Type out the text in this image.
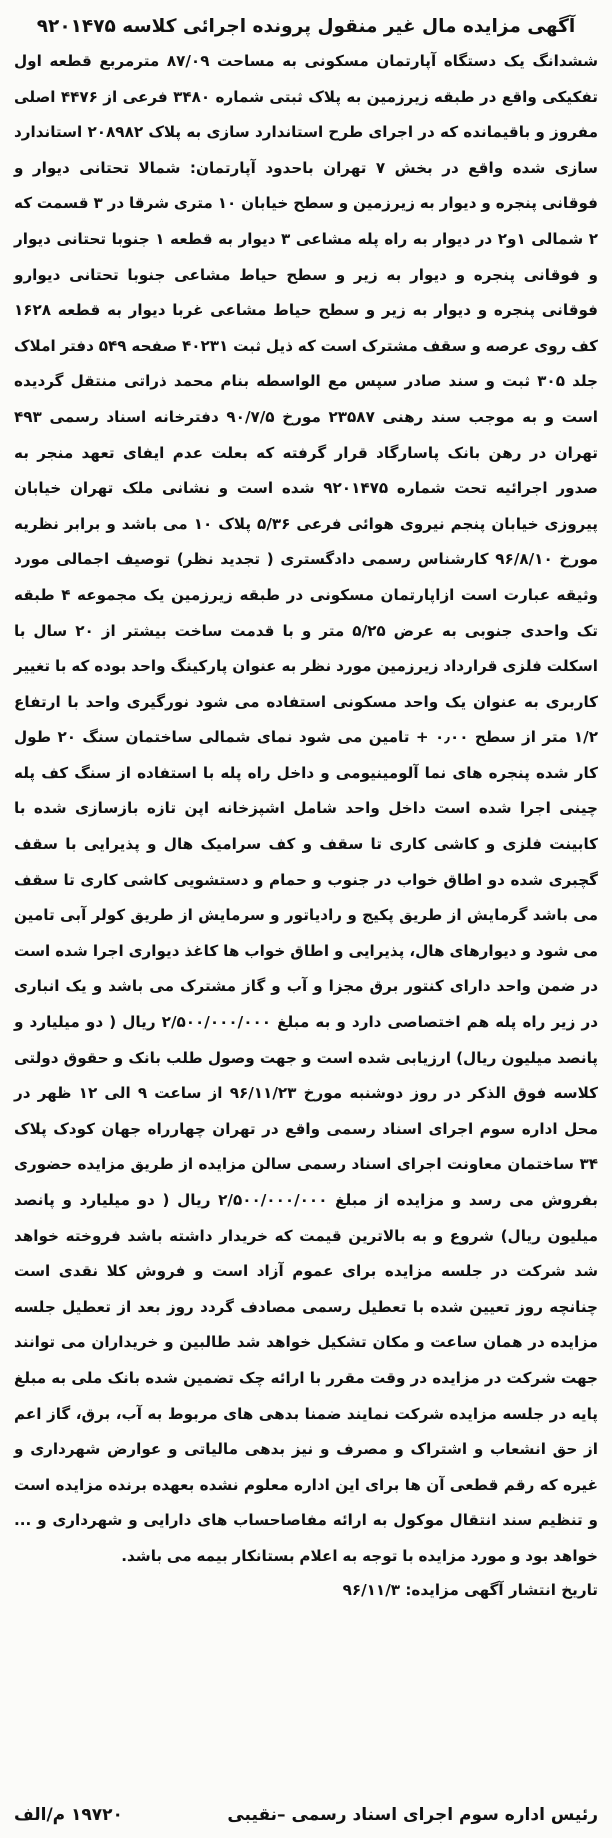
آگهی مزایده مال غیر منقول پرونده اجرائی کلاسه ۹۲۰۱۴۷۵

ششدانگ یک دستگاه آپارتمان مسکونی به مساحت ۸۷/۰۹ مترمربع قطعه اول تفکیکی واقع در طبقه زیرزمین به پلاک ثبتی شماره ۳۴۸۰ فرعی از ۴۴۷۶ اصلی مفروز و باقیمانده که در اجرای طرح استاندارد سازی به پلاک ۲۰۸۹۸۲ استاندارد سازی شده واقع در بخش ۷ تهران باحدود آپارتمان: شمالا تحتانی دیوار و فوقانی پنجره و دیوار به زیرزمین و سطح خیابان ۱۰ متری شرقا در ۳ قسمت که ۲ شمالی ۱و۲ در دیوار به راه پله مشاعی ۳ دیوار به قطعه ۱ جنوبا تحتانی دیوار و فوقانی پنجره و دیوار به زیر و سطح حیاط مشاعی جنوبا تحتانی دیوارو فوقانی پنجره و دیوار به زیر و سطح حیاط مشاعی غربا دیوار به قطعه ۱۶۲۸ کف روی عرصه و سقف مشترک است که ذیل ثبت ۴۰۲۳۱ صفحه ۵۴۹ دفتر املاک جلد ۳۰۵ ثبت و سند صادر سپس مع الواسطه بنام محمد ذراتی منتقل گردیده است و به موجب سند رهنی ۲۳۵۸۷ مورخ ۹۰/۷/۵ دفترخانه اسناد رسمی ۴۹۳ تهران در رهن بانک پاسارگاد قرار گرفته که بعلت عدم ایفای تعهد منجر به صدور اجرائیه تحت شماره ۹۲۰۱۴۷۵ شده است و نشانی ملک تهران خیابان پیروزی خیابان پنجم نیروی هوائی فرعی ۵/۳۶ پلاک ۱۰ می باشد و برابر نظریه مورخ ۹۶/۸/۱۰ کارشناس رسمی دادگستری ( تجدید نظر) توصیف اجمالی مورد وثیقه عبارت است ازاپارتمان مسکونی در طبقه زیرزمین یک مجموعه ۴ طبقه تک واحدی جنوبی به عرض ۵/۲۵ متر و با قدمت ساخت بیشتر از ۲۰ سال با اسکلت فلزی قرارداد زیرزمین مورد نظر به عنوان پارکینگ واحد بوده که با تغییر کاربری به عنوان یک واحد مسکونی استفاده می شود نورگیری واحد با ارتفاع ۱/۲ متر از سطح ۰٫۰۰ + تامین می شود نمای شمالی ساختمان سنگ ۲۰ طول کار شده پنجره های نما آلومینیومی و داخل راه پله با استفاده از سنگ کف پله چینی اجرا شده است داخل واحد شامل اشپزخانه اپن تازه بازسازی شده با کابینت فلزی و کاشی کاری تا سقف و کف سرامیک هال و پذیرایی با سقف گچبری شده دو اطاق خواب در جنوب و حمام و دستشویی کاشی کاری تا سقف می باشد گرمایش از طریق پکیج و رادیاتور و سرمایش از طریق کولر آبی تامین می شود و دیوارهای هال، پذیرایی و اطاق خواب ها کاغذ دیواری اجرا شده است در ضمن واحد دارای کنتور برق مجزا و آب و گاز مشترک می باشد و یک انباری در زیر راه پله هم اختصاصی دارد و به مبلغ ۲/۵۰۰/۰۰۰/۰۰۰ ریال ( دو میلیارد و پانصد میلیون ریال) ارزیابی شده است و جهت وصول طلب بانک و حقوق دولتی کلاسه فوق الذکر در روز دوشنبه مورخ ۹۶/۱۱/۲۳ از ساعت ۹ الی ۱۲ ظهر در محل اداره سوم اجرای اسناد رسمی واقع در تهران چهارراه جهان کودک پلاک ۳۴ ساختمان معاونت اجرای اسناد رسمی سالن مزایده از طریق مزایده حضوری بفروش می رسد و مزایده از مبلغ ۲/۵۰۰/۰۰۰/۰۰۰ ریال ( دو میلیارد و پانصد میلیون ریال) شروع و به بالاترین قیمت که خریدار داشته باشد فروخته خواهد شد شرکت در جلسه مزایده برای عموم آزاد است و فروش کلا نقدی است چنانچه روز تعیین شده با تعطیل رسمی مصادف گردد روز بعد از تعطیل جلسه مزایده در همان ساعت و مکان تشکیل خواهد شد طالبین و خریداران می توانند جهت شرکت در مزایده در وقت مقرر با ارائه چک تضمین شده بانک ملی به مبلغ پایه در جلسه مزایده شرکت نمایند ضمنا بدهی های مربوط به آب، برق، گاز اعم از حق انشعاب و اشتراک و مصرف و نیز بدهی مالیاتی و عوارض شهرداری و غیره که رقم قطعی آن ها برای این اداره معلوم نشده بعهده برنده مزایده است و تنظیم سند انتقال موکول به ارائه مفاصاحساب های دارایی و شهرداری و ... خواهد بود و مورد مزایده با توجه به اعلام بستانکار بیمه می باشد.

تاریخ انتشار آگهی مزایده: ۹۶/۱۱/۳

رئیس اداره سوم اجرای اسناد رسمی –نقیبی
۱۹۷۲۰ م/الف
